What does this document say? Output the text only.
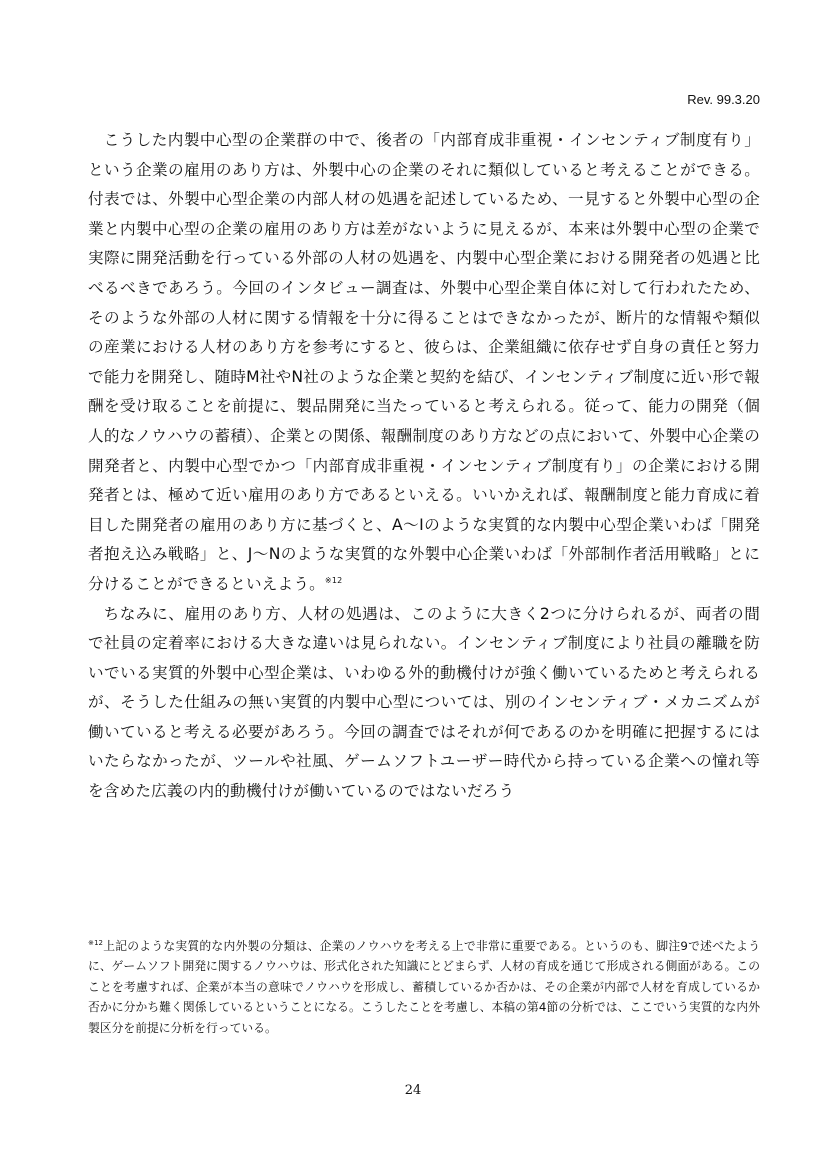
Rev. 99.3.20

こうした内製中心型の企業群の中で、後者の「内部育成非重視・インセンティブ制度有り」という企業の雇用のあり方は、外製中心の企業のそれに類似していると考えることができる。付表では、外製中心型企業の内部人材の処遇を記述しているため、一見すると外製中心型の企業と内製中心型の企業の雇用のあり方は差がないように見えるが、本来は外製中心型の企業で実際に開発活動を行っている外部の人材の処遇を、内製中心型企業における開発者の処遇と比べるべきであろう。今回のインタビュー調査は、外製中心型企業自体に対して行われたため、そのような外部の人材に関する情報を十分に得ることはできなかったが、断片的な情報や類似の産業における人材のあり方を参考にすると、彼らは、企業組織に依存せず自身の責任と努力で能力を開発し、随時M社やN社のような企業と契約を結び、インセンティブ制度に近い形で報酬を受け取ることを前提に、製品開発に当たっていると考えられる。従って、能力の開発（個人的なノウハウの蓄積）、企業との関係、報酬制度のあり方などの点において、外製中心企業の開発者と、内製中心型でかつ「内部育成非重視・インセンティブ制度有り」の企業における開発者とは、極めて近い雇用のあり方であるといえる。いいかえれば、報酬制度と能力育成に着目した開発者の雇用のあり方に基づくと、A～Iのような実質的な内製中心型企業いわば「開発者抱え込み戦略」と、J～Nのような実質的な外製中心企業いわば「外部制作者活用戦略」とに分けることができるといえよう。$^{※12}$

ちなみに、雇用のあり方、人材の処遇は、このように大きく2つに分けられるが、両者の間で社員の定着率における大きな違いは見られない。インセンティブ制度により社員の離職を防いでいる実質的外製中心型企業は、いわゆる外的動機付けが強く働いているためと考えられるが、そうした仕組みの無い実質的内製中心型については、別のインセンティブ・メカニズムが働いていると考える必要があろう。今回の調査ではそれが何であるのかを明確に把握するにはいたらなかったが、ツールや社風、ゲームソフトユーザー時代から持っている企業への憧れ等を含めた広義の内的動機付けが働いているのではないだろう

$^{※12}$上記のような実質的な内外製の分類は、企業のノウハウを考える上で非常に重要である。というのも、脚注9で述べたように、ゲームソフト開発に関するノウハウは、形式化された知識にとどまらず、人材の育成を通じて形成される側面がある。このことを考慮すれば、企業が本当の意味でノウハウを形成し、蓄積しているか否かは、その企業が内部で人材を育成しているか否かに分かち難く関係しているということになる。こうしたことを考慮し、本稿の第4節の分析では、ここでいう実質的な内外製区分を前提に分析を行っている。
24
